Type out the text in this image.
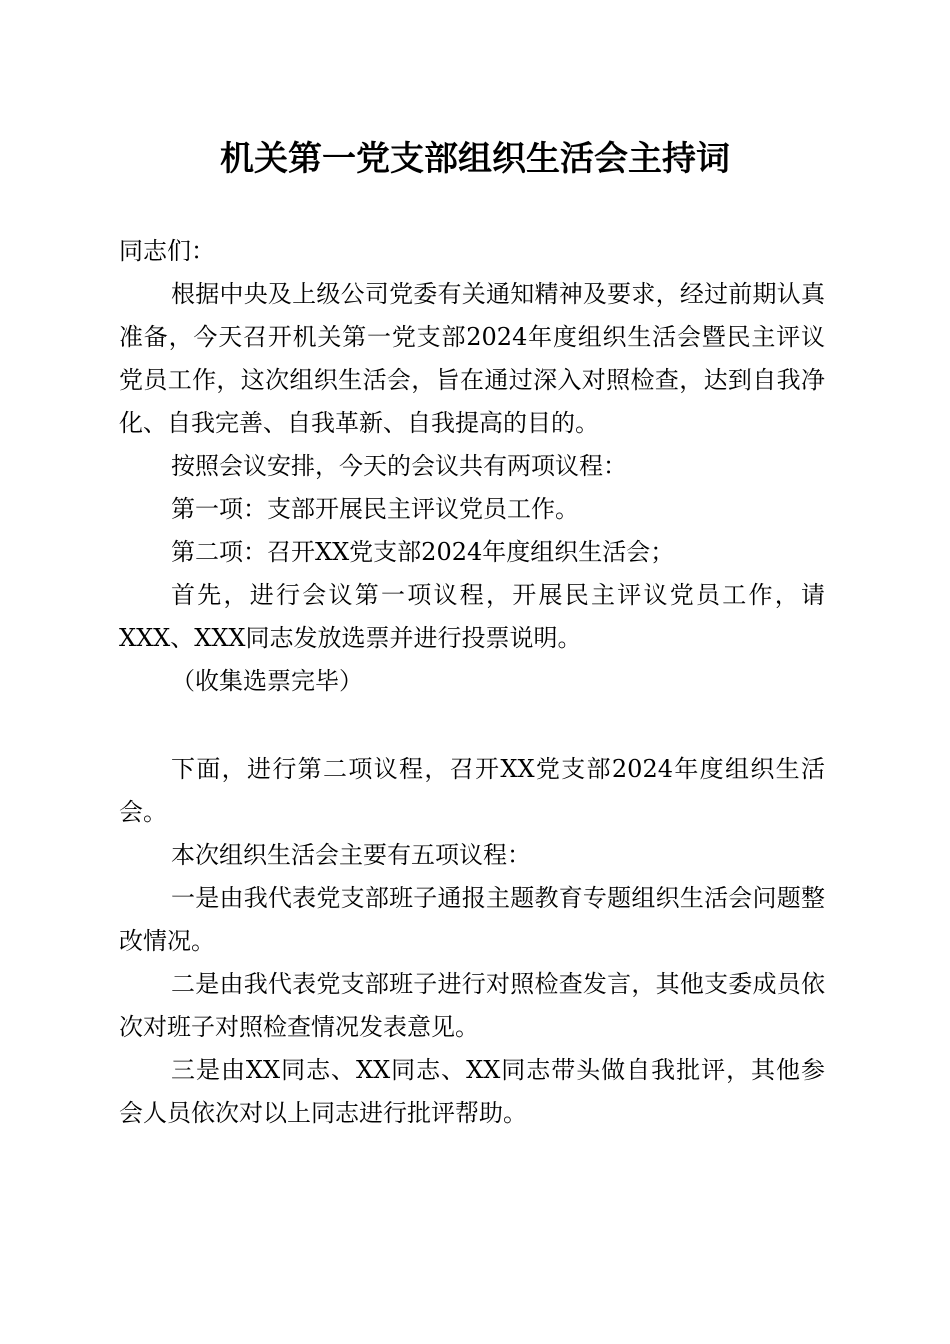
机关第一党支部组织生活会主持词

同志们：

根据中央及上级公司党委有关通知精神及要求，经过前期认真准备，今天召开机关第一党支部2024年度组织生活会暨民主评议党员工作，这次组织生活会，旨在通过深入对照检查，达到自我净化、自我完善、自我革新、自我提高的目的。

按照会议安排，今天的会议共有两项议程：

第一项：支部开展民主评议党员工作。

第二项：召开XX党支部2024年度组织生活会；

首先，进行会议第一项议程，开展民主评议党员工作，请XXX、XXX同志发放选票并进行投票说明。

（收集选票完毕）

下面，进行第二项议程，召开XX党支部2024年度组织生活会。

本次组织生活会主要有五项议程：

一是由我代表党支部班子通报主题教育专题组织生活会问题整改情况。

二是由我代表党支部班子进行对照检查发言，其他支委成员依次对班子对照检查情况发表意见。

三是由XX同志、XX同志、XX同志带头做自我批评，其他参会人员依次对以上同志进行批评帮助。
